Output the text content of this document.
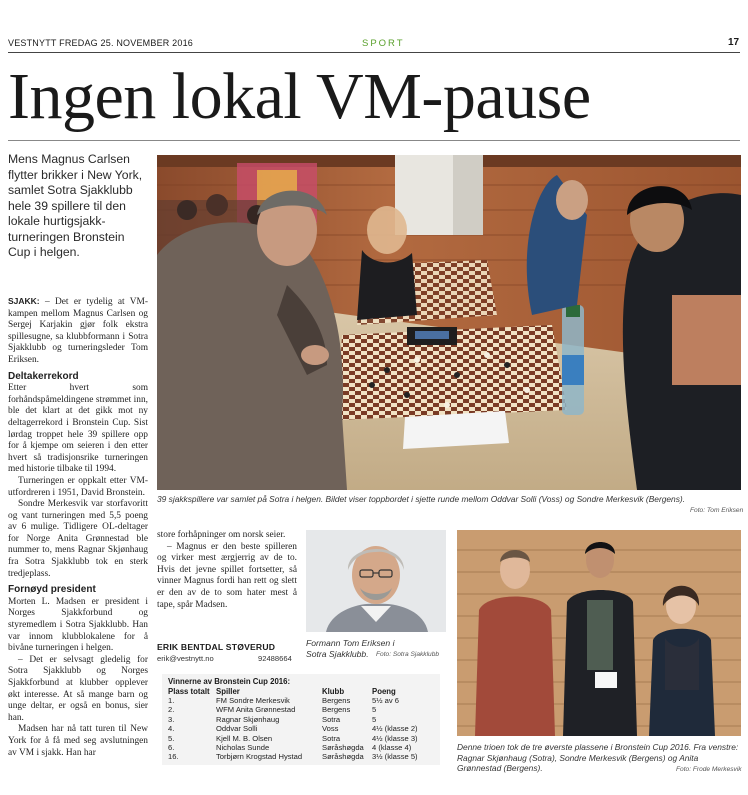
VESTNYTT FREDAG 25. NOVEMBER 2016	SPORT	17
Ingen lokal VM-pause
Mens Magnus Carlsen flytter brikker i New York, samlet Sotra Sjakklubb hele 39 spillere til den lokale hurtigsjakk-turneringen Bronstein Cup i helgen.

SJAKK: – Det er tydelig at VM-kampen mellom Magnus Carlsen og Sergej Karjakin gjør folk ekstra spillesugne, sa klubbformann i Sotra Sjakklubb og turneringsleder Tom Eriksen.

Deltakerrekord

Etter hvert som forhåndspåmeldingene strømmet inn, ble det klart at det gikk mot ny deltagerrekord i Bronstein Cup. Sist lørdag troppet hele 39 spillere opp for å kjempe om seieren i den etter hvert så tradisjonsrike turneringen med historie tilbake til 1994.

Turneringen er oppkalt etter VM-utfordreren i 1951, David Bronstein.

Sondre Merkesvik var storfavoritt og vant turneringen med 5,5 poeng av 6 mulige. Tidligere OL-deltager for Norge Anita Grønnestad ble nummer to, mens Ragnar Skjønhaug fra Sotra Sjakklubb tok en sterk tredjeplass.

Fornøyd president

Morten L. Madsen er president i Norges Sjakkforbund og styremedlem i Sotra Sjakklubb. Han var innom klubblokalene for å bivåne turneringen i helgen.

– Det er selvsagt gledelig for Sotra Sjakklubb og Norges Sjakkforbund at klubber opplever økt interesse. At så mange barn og unge deltar, er også en bonus, sier han.

Madsen har nå tatt turen til New York for å få med seg avslutningen av VM i sjakk. Han har

39 sjakkspillere var samlet på Sotra i helgen. Bildet viser toppbordet i sjette runde mellom Oddvar Solli (Voss) og Sondre Merkesvik (Bergens).
Foto: Tom Eriksen

store forhåpninger om norsk seier.

– Magnus er den beste spilleren og virker mest ærgjerrig av de to. Hvis det jevne spillet fortsetter, så vinner Magnus fordi han rett og slett er den av de to som hater mest å tape, spår Madsen.

Formann Tom Eriksen i Sotra Sjakklubb.	Foto: Sotra Sjakklubb
ERIK BENTDAL STØVERUD
erik@vestnytt.no	92488664
Vinnerne av Bronstein Cup 2016:
Plass totalt	Spiller	Klubb	Poeng
1.	FM Sondre Merkesvik	Bergens	5½ av 6
2.	WFM Anita Grønnestad	Bergens	5
3.	Ragnar Skjønhaug	Sotra	5
4.	Oddvar Solli	Voss	4½ (klasse 2)
5.	Kjell M. B. Olsen	Sotra	4½ (klasse 3)
6.	Nicholas Sunde	Søråshøgda	4 (klasse 4)
16.	Torbjørn Krogstad Hystad	Søråshøgda	3½ (klasse 5)
Denne trioen tok de tre øverste plassene i Bronstein Cup 2016. Fra venstre: Ragnar Skjønhaug (Sotra), Sondre Merkesvik (Bergens) og Anita Grønnestad (Bergens).	Foto: Frode Merkesvik
